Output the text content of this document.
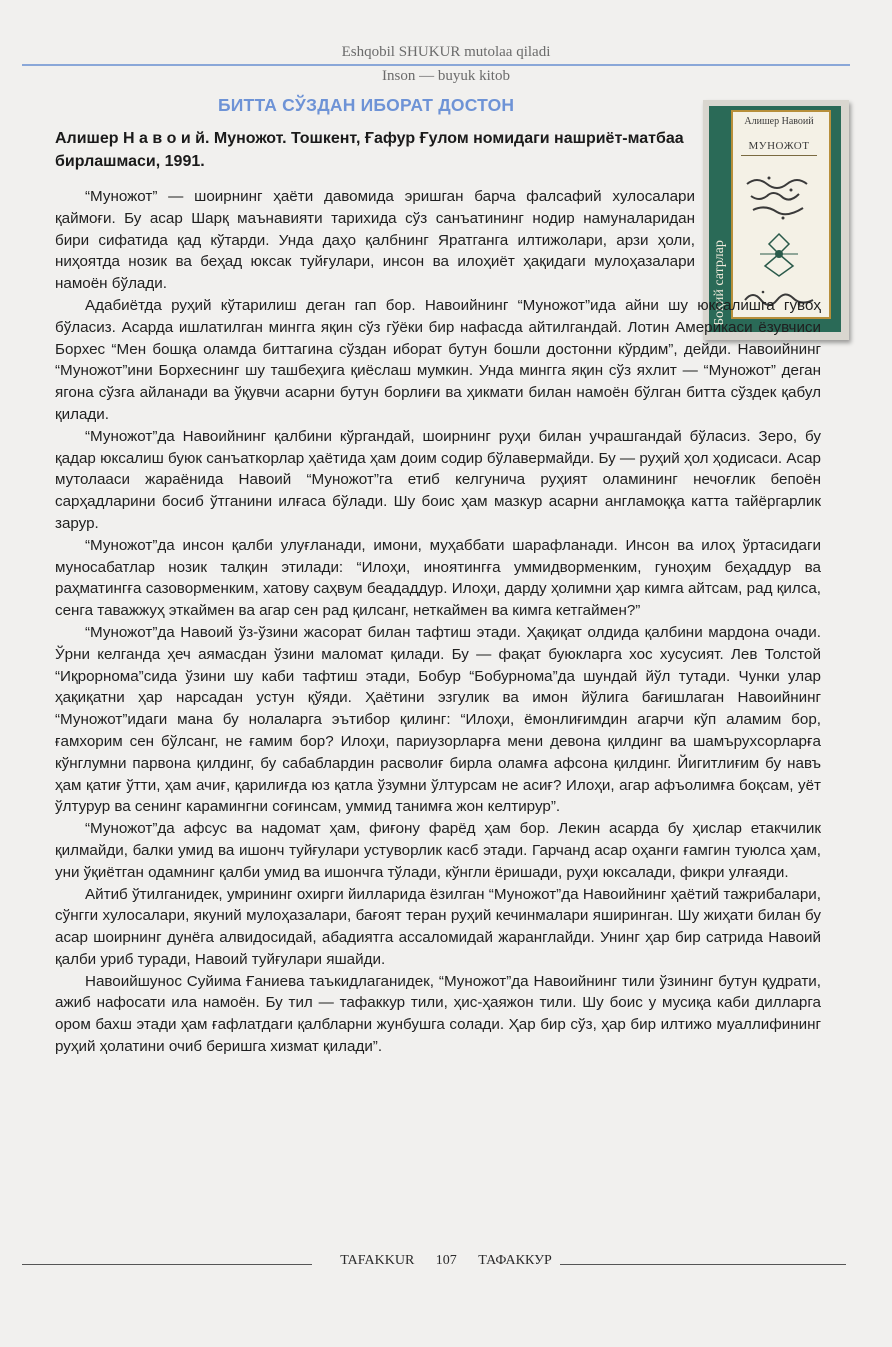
Eshqobil SHUKUR mutolaa qiladi
Inson — buyuk kitob
БИТТА СЎЗДАН ИБОРАТ ДОСТОН
Алишер Н а в о и й. Муножот. Тошкент, Ғафур Ғулом номидаги нашриёт-матбаа бирлашмаси, 1991.
Алишер Навоий
МУНОЖОТ
Боқий сатрлар

“Муножот” — шоирнинг ҳаёти давомида эришган барча фалсафий хулосалари қаймоғи. Бу асар Шарқ маънавияти тарихида сўз санъатининг нодир намуналаридан бири сифатида қад кўтарди. Унда даҳо қалбнинг Яратганга илтижолари, арзи ҳоли, ниҳоятда нозик ва беҳад юксак туйғулари, инсон ва илоҳиёт ҳақидаги мулоҳазалари намоён бўлади.

Адабиётда руҳий кўтарилиш деган гап бор. Навоийнинг “Муножот”ида айни шу юксалишга гувоҳ бўласиз. Асарда ишлатилган мингга яқин сўз гўёки бир нафасда айтилгандай. Лотин Америкаси ёзувчиси Борхес “Мен бошқа оламда биттагина сўздан иборат бутун бошли достонни кўрдим”, дейди. Навоийнинг “Муножот”ини Борхеснинг шу ташбеҳига қиёслаш мумкин. Унда мингга яқин сўз яхлит — “Муножот” деган ягона сўзга айланади ва ўқувчи асарни бутун борлиғи ва ҳикмати билан намоён бўлган битта сўздек қабул қилади.

“Муножот”да Навоийнинг қалбини кўргандай, шоирнинг руҳи билан учрашгандай бўласиз. Зеро, бу қадар юксалиш буюк санъаткорлар ҳаётида ҳам доим содир бўлавермайди. Бу — руҳий ҳол ҳодисаси. Асар мутолааси жараёнида Навоий “Муножот”га етиб келгунича руҳият оламининг нечоғлик бепоён сарҳадларини босиб ўтганини илғаса бўлади. Шу боис ҳам мазкур асарни англамоққа катта тайёргарлик зарур.

“Муножот”да инсон қалби улуғланади, имони, муҳаббати шарафланади. Инсон ва илоҳ ўртасидаги муносабатлар нозик талқин этилади: “Илоҳи, иноятингға уммидворменким, гуноҳим беҳаддур ва раҳматингға сазоворменким, хатову саҳвум беададдур. Илоҳи, дарду ҳолимни ҳар кимга айтсам, рад қилса, сенга таважжуҳ эткаймен ва агар сен рад қилсанг, неткаймен ва кимга кетгаймен?”

“Муножот”да Навоий ўз-ўзини жасорат билан тафтиш этади. Ҳақиқат олдида қалбини мардона очади. Ўрни келганда ҳеч аямасдан ўзини маломат қилади. Бу — фақат буюкларга хос хусусият. Лев Толстой “Иқрорнома”сида ўзини шу каби тафтиш этади, Бобур “Бобурнома”да шундай йўл тутади. Чунки улар ҳақиқатни ҳар нарсадан устун қўяди. Ҳаётини эзгулик ва имон йўлига бағишлаган Навоийнинг “Муножот”идаги мана бу нолаларга эътибор қилинг: “Илоҳи, ёмонлиғимдин агарчи кўп аламим бор, ғамхорим сен бўлсанг, не ғамим бор? Илоҳи, париузорларға мени девона қилдинг ва шамъруxсорларға кўнглумни парвона қилдинг, бу сабаблардин расволиғ бирла оламға афсона қилдинг. Йигитлиғим бу навъ ҳам қатиғ ўтти, ҳам ачиғ, қарилиғда юз қатла ўзумни ўлтурсам не асиғ? Илоҳи, агар афъолимға боқсам, уёт ўлтурур ва сенинг карамингни соғинсам, уммид танимға жон келтирур”.

“Муножот”да афсус ва надомат ҳам, фиғону фарёд ҳам бор. Лекин асарда бу ҳислар етакчилик қилмайди, балки умид ва ишонч туйғулари устуворлик касб этади. Гарчанд асар оҳанги ғамгин туюлса ҳам, уни ўқиётган одамнинг қалби умид ва ишончга тўлади, кўнгли ёришади, руҳи юксалади, фикри улғаяди.

Айтиб ўтилганидек, умрининг охирги йилларида ёзилган “Муножот”да Навоийнинг ҳаётий тажрибалари, сўнгги хулосалари, якуний мулоҳазалари, бағоят теран руҳий кечинмалари яширинган. Шу жиҳати билан бу асар шоирнинг дунёга алвидосидай, абадиятга ассаломидай жаранглайди. Унинг ҳар бир сатрида Навоий қалби уриб туради, Навоий туйғулари яшайди.

Навоийшунос Суйима Ғаниева таъкидлаганидек, “Муножот”да Навоийнинг тили ўзининг бутун қудрати, ажиб нафосати ила намоён. Бу тил — тафаккур тили, ҳис-ҳаяжон тили. Шу боис у мусиқа каби дилларга ором бахш этади ҳам ғафлатдаги қалбларни жунбушга солади. Ҳар бир сўз, ҳар бир илтижо муаллифининг руҳий ҳолатини очиб беришга хизмат қилади”.

TAFAKKUR 107 ТАФАККУР
